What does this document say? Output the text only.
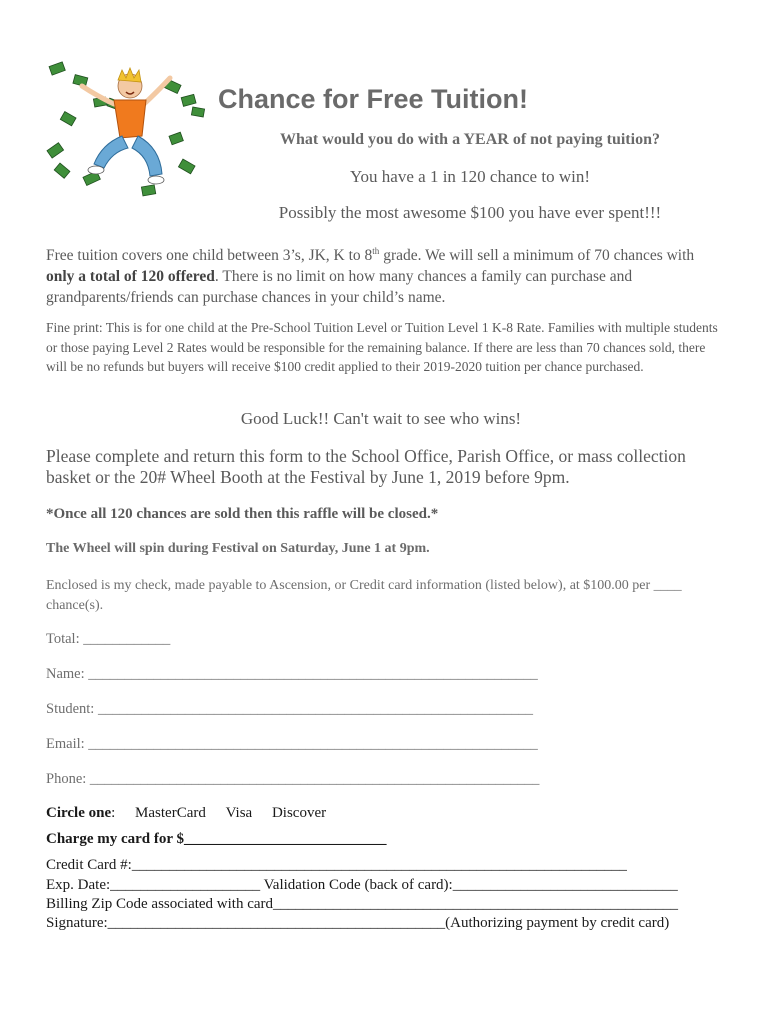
Chance for Free Tuition!
What would you do with a YEAR of not paying tuition?
You have a 1 in 120 chance to win!
Possibly the most awesome $100 you have ever spent!!!
Free tuition covers one child between 3’s, JK, K to 8th grade. We will sell a minimum of 70 chances with only a total of 120 offered. There is no limit on how many chances a family can purchase and grandparents/friends can purchase chances in your child’s name.
Fine print: This is for one child at the Pre-School Tuition Level or Tuition Level 1 K-8 Rate. Families with multiple students or those paying Level 2 Rates would be responsible for the remaining balance. If there are less than 70 chances sold, there will be no refunds but buyers will receive $100 credit applied to their 2019-2020 tuition per chance purchased.
Good Luck!! Can't wait to see who wins!
Please complete and return this form to the School Office, Parish Office, or mass collection basket or the 20# Wheel Booth at the Festival by June 1, 2019 before 9pm.
*Once all 120 chances are sold then this raffle will be closed.*
The Wheel will spin during Festival on Saturday, June 1 at 9pm.
Enclosed is my check, made payable to Ascension, or Credit card information (listed below), at $100.00 per ____ chance(s).
Total: ____________
Name: ______________________________________________________________
Student: ____________________________________________________________
Email: ______________________________________________________________
Phone: ______________________________________________________________
Circle one: MasterCard Visa Discover
Charge my card for $___________________________
Credit Card #:__________________________________________________________________
Exp. Date:____________________ Validation Code (back of card):______________________________
Billing Zip Code associated with card______________________________________________________
Signature:_____________________________________________(Authorizing payment by credit card)
